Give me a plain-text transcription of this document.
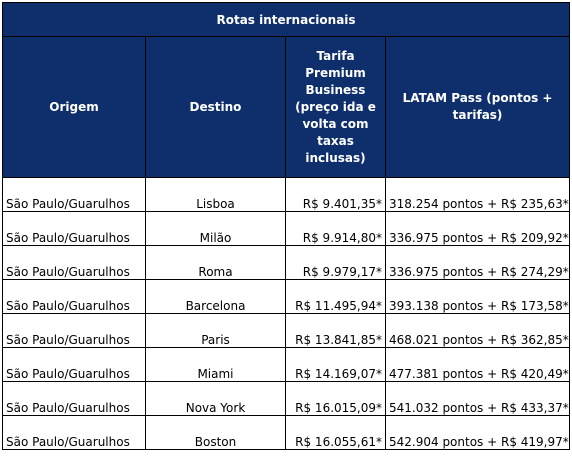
Rotas internacionais			
Origem	Destino	Tarifa Premium Business (preço ida e volta com taxas inclusas)	LATAM Pass (pontos + tarifas)
São Paulo/Guarulhos	Lisboa	R$ 9.401,35*	318.254 pontos + R$ 235,63*
São Paulo/Guarulhos	Milão	R$ 9.914,80*	336.975 pontos + R$ 209,92*
São Paulo/Guarulhos	Roma	R$ 9.979,17*	336.975 pontos + R$ 274,29*
São Paulo/Guarulhos	Barcelona	R$ 11.495,94*	393.138 pontos + R$ 173,58*
São Paulo/Guarulhos	Paris	R$ 13.841,85*	468.021 pontos + R$ 362,85*
São Paulo/Guarulhos	Miami	R$ 14.169,07*	477.381 pontos + R$ 420,49*
São Paulo/Guarulhos	Nova York	R$ 16.015,09*	541.032 pontos + R$ 433,37*
São Paulo/Guarulhos	Boston	R$ 16.055,61*	542.904 pontos + R$ 419,97*
